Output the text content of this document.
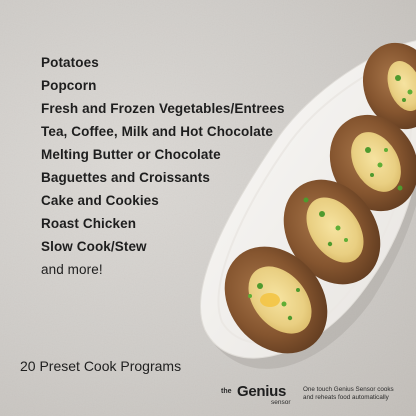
Potatoes
Popcorn
Fresh and Frozen Vegetables/Entrees
Tea, Coffee, Milk and Hot Chocolate
Melting Butter or Chocolate
Baguettes and Croissants
Cake and Cookies
Roast Chicken
Slow Cook/Stew
and more!
20 Preset Cook Programs
the Genius
sensor
One touch Genius Sensor cooks
and reheats food automatically
